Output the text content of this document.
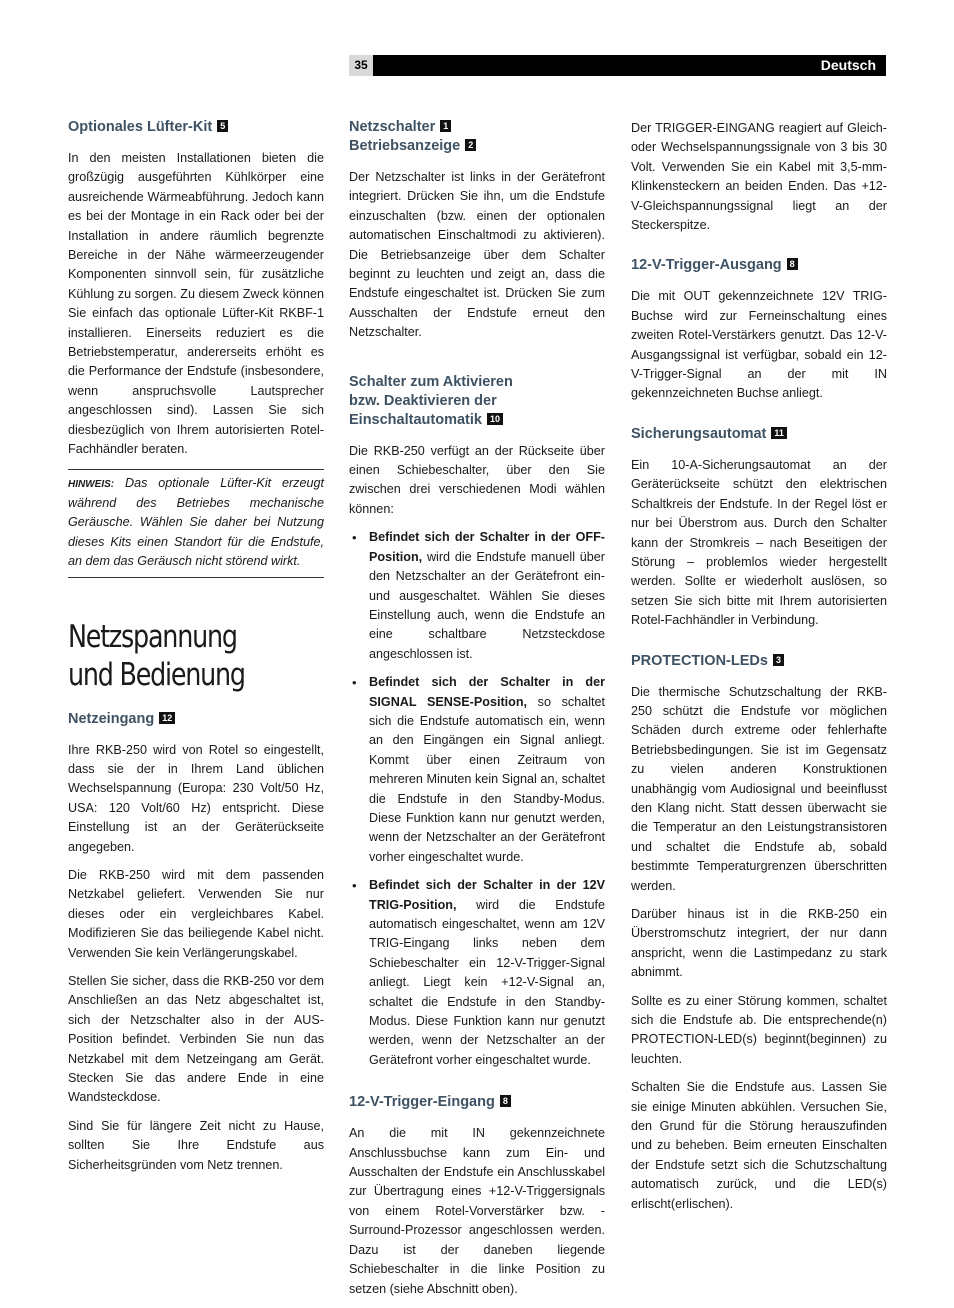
35	Deutsch
Optionales Lüfter-Kit 5

In den meisten Installationen bieten die großzügig ausgeführten Kühlkörper eine ausreichende Wärmeabführung. Jedoch kann es bei der Montage in ein Rack oder bei der Installation in andere räumlich begrenzte Bereiche in der Nähe wärmeerzeugender Komponenten sinnvoll sein, für zusätzliche Kühlung zu sorgen. Zu diesem Zweck können Sie einfach das optionale Lüfter-Kit RKBF-1 installieren. Einerseits reduziert es die Betriebstemperatur, andererseits erhöht es die Performance der Endstufe (insbesondere, wenn anspruchsvolle Lautsprecher angeschlossen sind). Lassen Sie sich diesbezüglich von Ihrem autorisierten Rotel-Fachhändler beraten.

HINWEIS: Das optionale Lüfter-Kit erzeugt während des Betriebes mechanische Geräusche. Wählen Sie daher bei Nutzung dieses Kits einen Standort für die Endstufe, an dem das Geräusch nicht störend wirkt.

Netzspannung
und Bedienung
Netzeingang 12

Ihre RKB-250 wird von Rotel so eingestellt, dass sie der in Ihrem Land üblichen Wechselspannung (Europa: 230 Volt/50 Hz, USA: 120 Volt/60 Hz) entspricht. Diese Einstellung ist an der Geräterückseite angegeben.

Die RKB-250 wird mit dem passenden Netzkabel geliefert. Verwenden Sie nur dieses oder ein vergleichbares Kabel. Modifizieren Sie das beiliegende Kabel nicht. Verwenden Sie kein Verlängerungskabel.

Stellen Sie sicher, dass die RKB-250 vor dem Anschließen an das Netz abgeschaltet ist, sich der Netzschalter also in der AUS-Position befindet. Verbinden Sie nun das Netzkabel mit dem Netzeingang am Gerät. Stecken Sie das andere Ende in eine Wandsteckdose.

Sind Sie für längere Zeit nicht zu Hause, sollten Sie Ihre Endstufe aus Sicherheitsgründen vom Netz trennen.

Netzschalter 1
Betriebsanzeige 2

Der Netzschalter ist links in der Gerätefront integriert. Drücken Sie ihn, um die Endstufe einzuschalten (bzw. einen der optionalen automatischen Einschaltmodi zu aktivieren). Die Betriebsanzeige über dem Schalter beginnt zu leuchten und zeigt an, dass die Endstufe eingeschaltet ist. Drücken Sie zum Ausschalten der Endstufe erneut den Netzschalter.

Schalter zum Aktivieren
bzw. Deaktivieren der
Einschaltautomatik 10

Die RKB-250 verfügt an der Rückseite über einen Schiebeschalter, über den Sie zwischen drei verschiedenen Modi wählen können:

• Befindet sich der Schalter in der OFF-Position, wird die Endstufe manuell über den Netzschalter an der Gerätefront ein- und ausgeschaltet. Wählen Sie dieses Einstellung auch, wenn die Endstufe an eine schaltbare Netzsteckdose angeschlossen ist.

• Befindet sich der Schalter in der SIGNAL SENSE-Position, so schaltet sich die Endstufe automatisch ein, wenn an den Eingängen ein Signal anliegt. Kommt über einen Zeitraum von mehreren Minuten kein Signal an, schaltet die Endstufe in den Standby-Modus. Diese Funktion kann nur genutzt werden, wenn der Netzschalter an der Gerätefront vorher eingeschaltet wurde.

• Befindet sich der Schalter in der 12V TRIG-Position, wird die Endstufe automatisch eingeschaltet, wenn am 12V TRIG-Eingang links neben dem Schiebeschalter ein 12-V-Trigger-Signal anliegt. Liegt kein +12-V-Signal an, schaltet die Endstufe in den Standby-Modus. Diese Funktion kann nur genutzt werden, wenn der Netzschalter an der Gerätefront vorher eingeschaltet wurde.

12-V-Trigger-Eingang 8

An die mit IN gekennzeichnete Anschlussbuchse kann zum Ein- und Ausschalten der Endstufe ein Anschlusskabel zur Übertragung eines +12-V-Triggersignals von einem Rotel-Vorverstärker bzw. -Surround-Prozessor angeschlossen werden. Dazu ist der daneben liegende Schiebeschalter in die linke Position zu setzen (siehe Abschnitt oben).

Der TRIGGER-EINGANG reagiert auf Gleich- oder Wechselspannungssignale von 3 bis 30 Volt. Verwenden Sie ein Kabel mit 3,5-mm-Klinkensteckern an beiden Enden. Das +12-V-Gleichspannungssignal liegt an der Steckerspitze.

12-V-Trigger-Ausgang 8

Die mit OUT gekennzeichnete 12V TRIG-Buchse wird zur Ferneinschaltung eines zweiten Rotel-Verstärkers genutzt. Das 12-V-Ausgangssignal ist verfügbar, sobald ein 12-V-Trigger-Signal an der mit IN gekennzeichneten Buchse anliegt.

Sicherungsautomat 11

Ein 10-A-Sicherungsautomat an der Geräterückseite schützt den elektrischen Schaltkreis der Endstufe. In der Regel löst er nur bei Überstrom aus. Durch den Schalter kann der Stromkreis – nach Beseitigen der Störung – problemlos wieder hergestellt werden. Sollte er wiederholt auslösen, so setzen Sie sich bitte mit Ihrem autorisierten Rotel-Fachhändler in Verbindung.

PROTECTION-LEDs 3

Die thermische Schutzschaltung der RKB-250 schützt die Endstufe vor möglichen Schäden durch extreme oder fehlerhafte Betriebsbedingungen. Sie ist im Gegensatz zu vielen anderen Konstruktionen unabhängig vom Audiosignal und beeinflusst den Klang nicht. Statt dessen überwacht sie die Temperatur an den Leistungstransistoren und schaltet die Endstufe ab, sobald bestimmte Temperaturgrenzen überschritten werden.

Darüber hinaus ist in die RKB-250 ein Überstromschutz integriert, der nur dann anspricht, wenn die Lastimpedanz zu stark abnimmt.

Sollte es zu einer Störung kommen, schaltet sich die Endstufe ab. Die entsprechende(n) PROTECTION-LED(s) beginnt(beginnen) zu leuchten.

Schalten Sie die Endstufe aus. Lassen Sie sie einige Minuten abkühlen. Versuchen Sie, den Grund für die Störung herauszufinden und zu beheben. Beim erneuten Einschalten der Endstufe setzt sich die Schutzschaltung automatisch zurück, und die LED(s) erlischt(erlischen).
